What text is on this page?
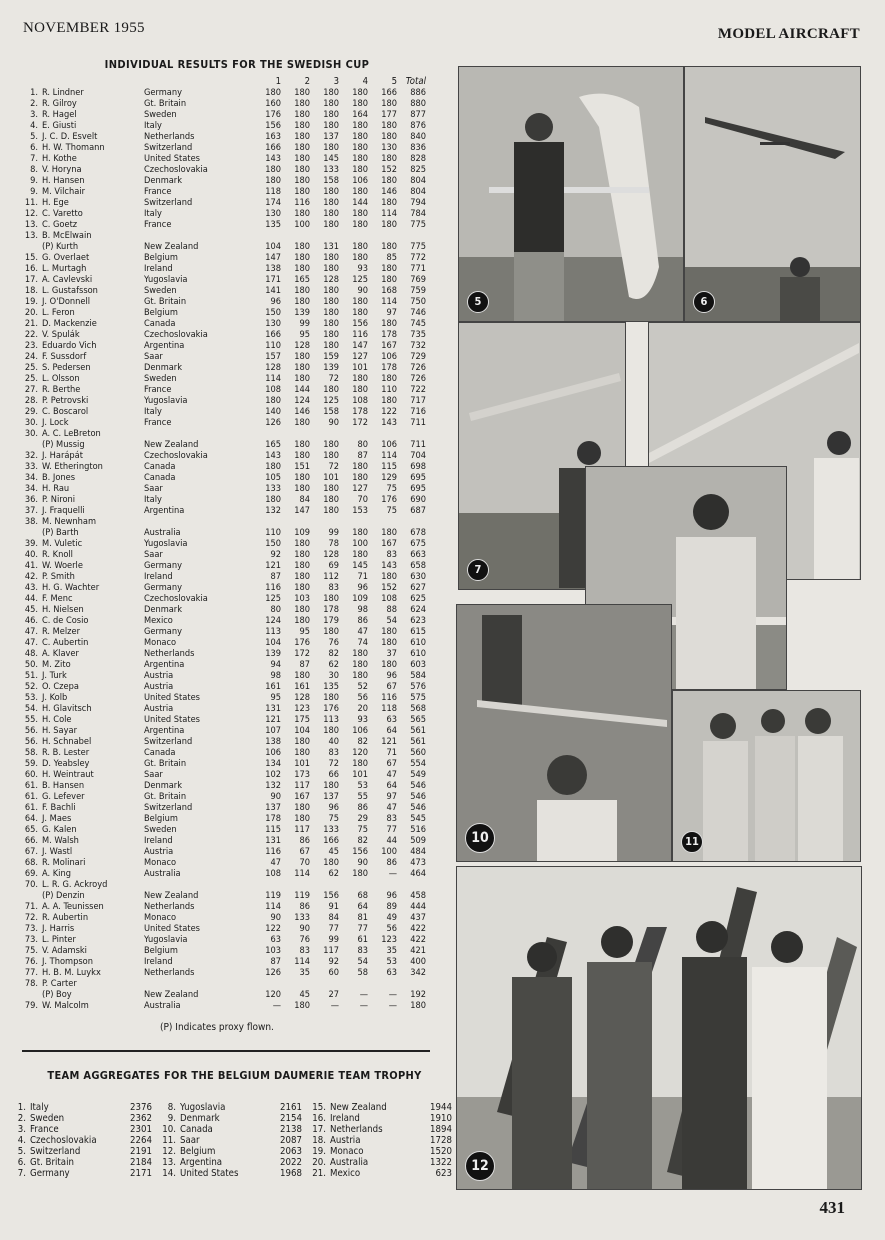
NOVEMBER 1955	MODEL AIRCRAFT
INDIVIDUAL RESULTS FOR THE SWEDISH CUP
			1	2	3	4	5	Total
1.	R. Lindner	Germany	180	180	180	180	166	886
2.	R. Gilroy	Gt. Britain	160	180	180	180	180	880
3.	R. Hagel	Sweden	176	180	180	164	177	877
4.	E. Giusti	Italy	156	180	180	180	180	876
5.	J. C. D. Esvelt	Netherlands	163	180	137	180	180	840
6.	H. W. Thomann	Switzerland	166	180	180	180	130	836
7.	H. Kothe	United States	143	180	145	180	180	828
8.	V. Horyna	Czechoslovakia	180	180	133	180	152	825
9.	H. Hansen	Denmark	180	180	158	106	180	804
9.	M. Vilchair	France	118	180	180	180	146	804
11.	H. Ege	Switzerland	174	116	180	144	180	794
12.	C. Varetto	Italy	130	180	180	180	114	784
13.	C. Goetz	France	135	100	180	180	180	775
13.	B. McElwain							
	(P) Kurth	New Zealand	104	180	131	180	180	775
15.	G. Overlaet	Belgium	147	180	180	180	85	772
16.	L. Murtagh	Ireland	138	180	180	93	180	771
17.	A. Cavlevski	Yugoslavia	171	165	128	125	180	769
18.	L. Gustafsson	Sweden	141	180	180	90	168	759
19.	J. O'Donnell	Gt. Britain	96	180	180	180	114	750
20.	L. Feron	Belgium	150	139	180	180	97	746
21.	D. Mackenzie	Canada	130	99	180	156	180	745
22.	V. Spulák	Czechoslovakia	166	95	180	116	178	735
23.	Eduardo Vich	Argentina	110	128	180	147	167	732
24.	F. Sussdorf	Saar	157	180	159	127	106	729
25.	S. Pedersen	Denmark	128	180	139	101	178	726
25.	L. Olsson	Sweden	114	180	72	180	180	726
27.	R. Berthe	France	108	144	180	180	110	722
28.	P. Petrovski	Yugoslavia	180	124	125	108	180	717
29.	C. Boscarol	Italy	140	146	158	178	122	716
30.	J. Lock	France	126	180	90	172	143	711
30.	A. C. LeBreton							
	(P) Mussig	New Zealand	165	180	180	80	106	711
32.	J. Harápát	Czechoslovakia	143	180	180	87	114	704
33.	W. Etherington	Canada	180	151	72	180	115	698
34.	B. Jones	Canada	105	180	101	180	129	695
34.	H. Rau	Saar	133	180	180	127	75	695
36.	P. Nironi	Italy	180	84	180	70	176	690
37.	J. Fraquelli	Argentina	132	147	180	153	75	687
38.	M. Newnham							
	(P) Barth	Australia	110	109	99	180	180	678
39.	M. Vuletic	Yugoslavia	150	180	78	100	167	675
40.	R. Knoll	Saar	92	180	128	180	83	663
41.	W. Woerle	Germany	121	180	69	145	143	658
42.	P. Smith	Ireland	87	180	112	71	180	630
43.	H. G. Wachter	Germany	116	180	83	96	152	627
44.	F. Menc	Czechoslovakia	125	103	180	109	108	625
45.	H. Nielsen	Denmark	80	180	178	98	88	624
46.	C. de Cosio	Mexico	124	180	179	86	54	623
47.	R. Melzer	Germany	113	95	180	47	180	615
47.	C. Aubertin	Monaco	104	176	76	74	180	610
48.	A. Klaver	Netherlands	139	172	82	180	37	610
50.	M. Zito	Argentina	94	87	62	180	180	603
51.	J. Turk	Austria	98	180	30	180	96	584
52.	O. Czepa	Austria	161	161	135	52	67	576
53.	J. Kolb	United States	95	128	180	56	116	575
54.	H. Glavitsch	Austria	131	123	176	20	118	568
55.	H. Cole	United States	121	175	113	93	63	565
56.	H. Sayar	Argentina	107	104	180	106	64	561
56.	H. Schnabel	Switzerland	138	180	40	82	121	561
58.	R. B. Lester	Canada	106	180	83	120	71	560
59.	D. Yeabsley	Gt. Britain	134	101	72	180	67	554
60.	H. Weintraut	Saar	102	173	66	101	47	549
61.	B. Hansen	Denmark	132	117	180	53	64	546
61.	G. Lefever	Gt. Britain	90	167	137	55	97	546
61.	F. Bachli	Switzerland	137	180	96	86	47	546
64.	J. Maes	Belgium	178	180	75	29	83	545
65.	G. Kalen	Sweden	115	117	133	75	77	516
66.	M. Walsh	Ireland	131	86	166	82	44	509
67.	J. Wastl	Austria	116	67	45	156	100	484
68.	R. Molinari	Monaco	47	70	180	90	86	473
69.	A. King	Australia	108	114	62	180	—	464
70.	L. R. G. Ackroyd							
	(P) Denzin	New Zealand	119	119	156	68	96	458
71.	A. A. Teunissen	Netherlands	114	86	91	64	89	444
72.	R. Aubertin	Monaco	90	133	84	81	49	437
73.	J. Harris	United States	122	90	77	77	56	422
73.	L. Pinter	Yugoslavia	63	76	99	61	123	422
75.	V. Adamski	Belgium	103	83	117	83	35	421
76.	J. Thompson	Ireland	87	114	92	54	53	400
77.	H. B. M. Luykx	Netherlands	126	35	60	58	63	342
78.	P. Carter							
	(P) Boy	New Zealand	120	45	27	—	—	192
79.	W. Malcolm	Australia	—	180	—	—	—	180
(P) Indicates proxy flown.
TEAM AGGREGATES FOR THE BELGIUM DAUMERIE TEAM TROPHY
1. Italy	2376
2. Sweden	2362
3. France	2301
4. Czechoslovakia	2264
5. Switzerland	2191
6. Gt. Britain	2184
7. Germany	2171
8. Yugoslavia	2161
9. Denmark	2154
10. Canada	2138
11. Saar	2087
12. Belgium	2063
13. Argentina	2022
14. United States	1968
15. New Zealand	1944
16. Ireland	1910
17. Netherlands	1894
18. Austria	1728
19. Monaco	1520
20. Australia	1322
21. Mexico	623
5	6
7
10	11
12
431
